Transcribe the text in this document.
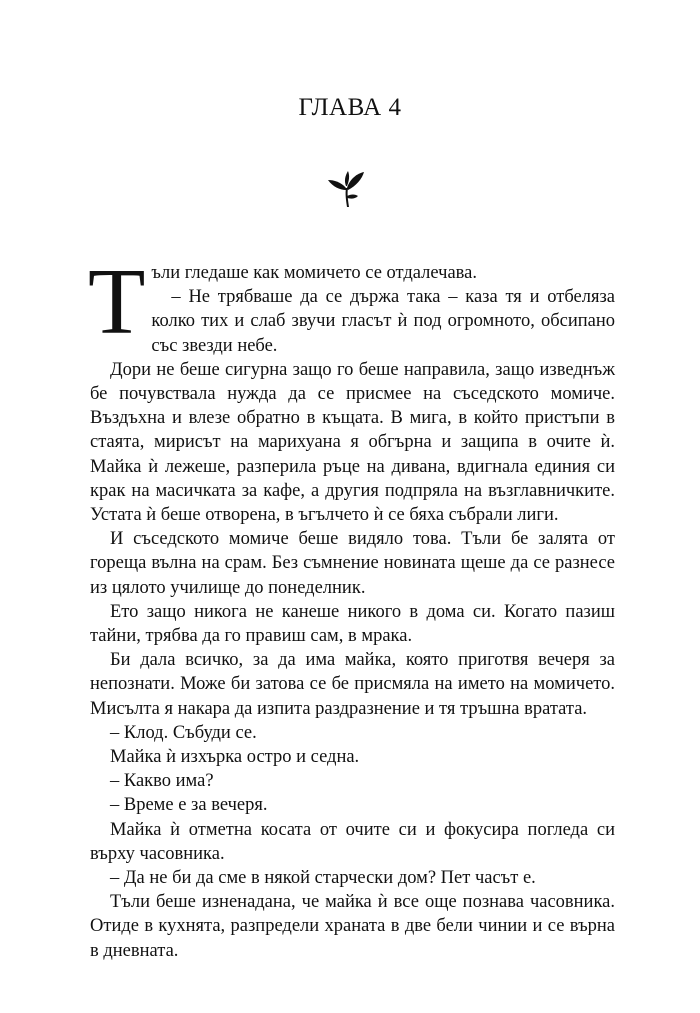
ГЛАВА 4

Тъли гледаше как момичето се отдалечава.

– Не трябваше да се държа така – каза тя и отбеляза колко тих и слаб звучи гласът ѝ под огромното, обсипано със звезди небе.

Дори не беше сигурна защо го беше направила, защо изведнъж бе почувствала нужда да се присмее на съседското момиче. Въздъхна и влезе обратно в къщата. В мига, в който пристъпи в стаята, мирисът на марихуана я обгърна и защипа в очите ѝ. Майка ѝ лежеше, разперила ръце на дивана, вдигнала единия си крак на масичката за кафе, а другия подпряла на възглавничките. Устата ѝ беше отворена, в ъгълчето ѝ се бяха събрали лиги.

И съседското момиче беше видяло това. Тъли бе залята от гореща вълна на срам. Без съмнение новината щеше да се разнесе из цялото училище до понеделник.

Ето защо никога не канеше никого в дома си. Когато пазиш тайни, трябва да го правиш сам, в мрака.

Би дала всичко, за да има майка, която приготвя вечеря за непознати. Може би затова се бе присмяла на името на момичето. Мисълта я накара да изпита раздразнение и тя тръшна вратата.

– Клод. Събуди се.

Майка ѝ изхърка остро и седна.

– Какво има?

– Време е за вечеря.

Майка ѝ отметна косата от очите си и фокусира погледа си върху часовника.

– Да не би да сме в някой старчески дом? Пет часът е.

Тъли беше изненадана, че майка ѝ все още познава часовника. Отиде в кухнята, разпредели храната в две бели чинии и се върна в дневната.
